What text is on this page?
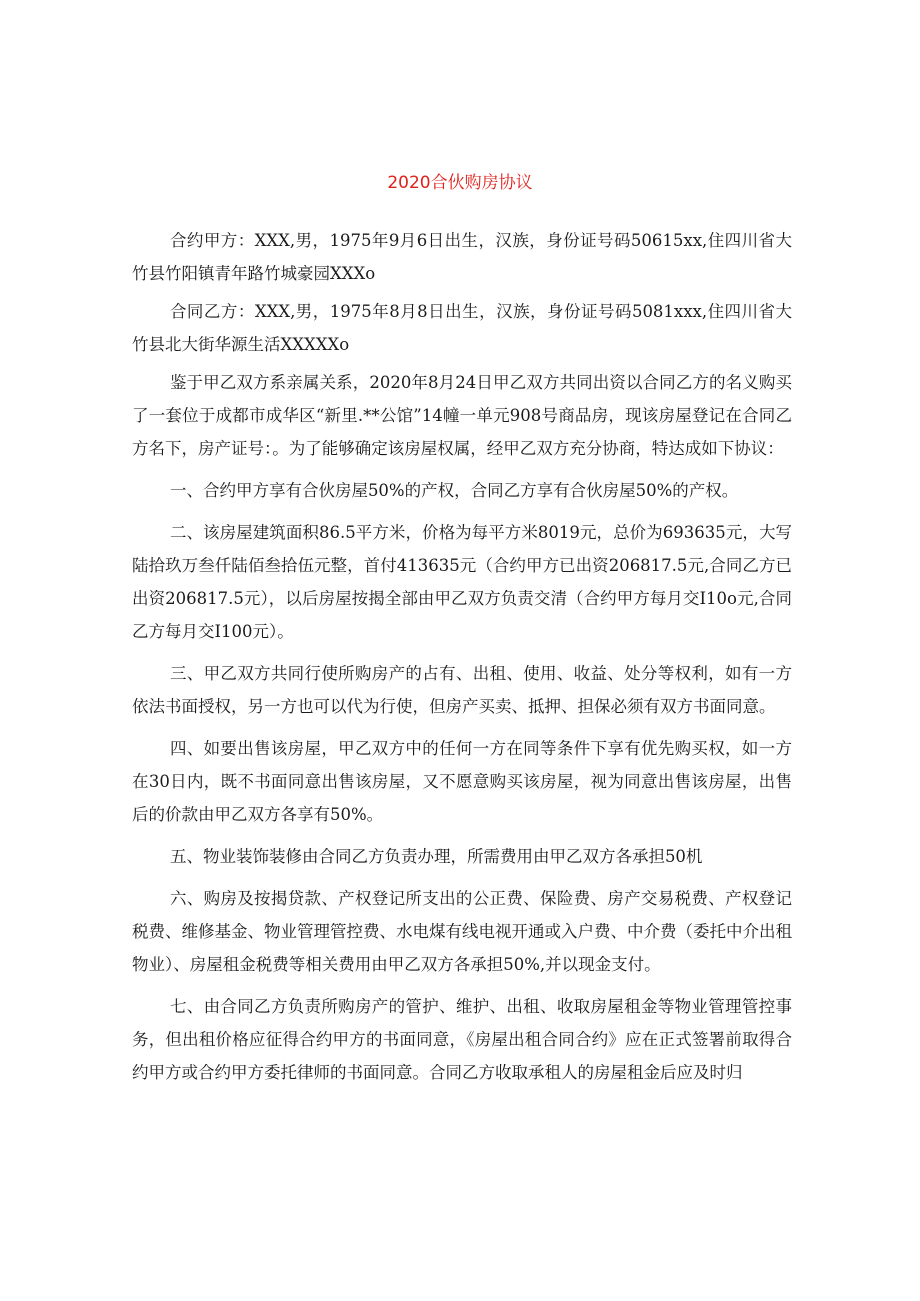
2020合伙购房协议

合约甲方：XXX,男，1975年9月6日出生，汉族，身份证号码50615xx,住四川省大竹县竹阳镇青年路竹城豪园XXXo

合同乙方：XXX,男，1975年8月8日出生，汉族，身份证号码5081xxx,住四川省大竹县北大街华源生活XXXXXo

鉴于甲乙双方系亲属关系，2020年8月24日甲乙双方共同出资以合同乙方的名义购买了一套位于成都市成华区“新里.**公馆”14幢一单元908号商品房，现该房屋登记在合同乙方名下，房产证号：。为了能够确定该房屋权属，经甲乙双方充分协商，特达成如下协议：

一、合约甲方享有合伙房屋50%的产权，合同乙方享有合伙房屋50%的产权。

二、该房屋建筑面积86.5平方米，价格为每平方米8019元，总价为693635元，大写陆拾玖万叁仟陆佰叁拾伍元整，首付413635元（合约甲方已出资206817.5元,合同乙方已出资206817.5元），以后房屋按揭全部由甲乙双方负责交清（合约甲方每月交I10o元,合同乙方每月交I100元）。

三、甲乙双方共同行使所购房产的占有、出租、使用、收益、处分等权利，如有一方依法书面授权，另一方也可以代为行使，但房产买卖、抵押、担保必须有双方书面同意。

四、如要出售该房屋，甲乙双方中的任何一方在同等条件下享有优先购买权，如一方在30日内，既不书面同意出售该房屋，又不愿意购买该房屋，视为同意出售该房屋，出售后的价款由甲乙双方各享有50%。

五、物业装饰装修由合同乙方负责办理，所需费用由甲乙双方各承担50机

六、购房及按揭贷款、产权登记所支出的公正费、保险费、房产交易税费、产权登记税费、维修基金、物业管理管控费、水电煤有线电视开通或入户费、中介费（委托中介出租物业）、房屋租金税费等相关费用由甲乙双方各承担50%,并以现金支付。

七、由合同乙方负责所购房产的管护、维护、出租、收取房屋租金等物业管理管控事务，但出租价格应征得合约甲方的书面同意，《房屋出租合同合约》应在正式签署前取得合约甲方或合约甲方委托律师的书面同意。合同乙方收取承租人的房屋租金后应及时归
